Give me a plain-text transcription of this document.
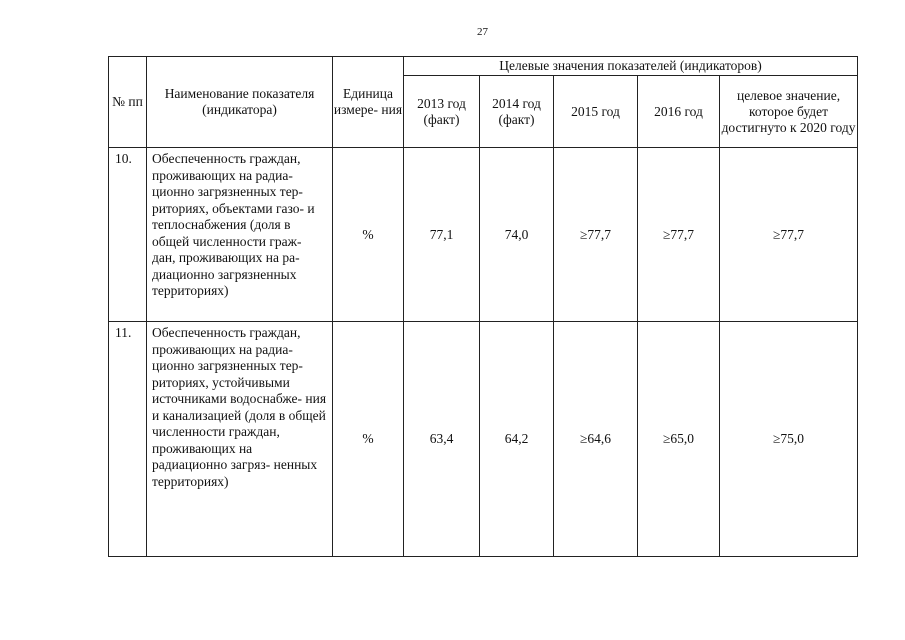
27
№ пп	Наименование показателя (индикатора)	Единица измере- ния	Целевые значения показателей (индикаторов)				
			2013 год (факт)	2014 год (факт)	2015 год	2016 год	целевое значение, которое будет достигнуто к 2020 году
10.	Обеспеченность граждан, проживающих на радиа- ционно загрязненных тер- риториях, объектами газо- и теплоснабжения (доля в общей численности граж- дан, проживающих на ра- диационно загрязненных территориях)	%	77,1	74,0	≥77,7	≥77,7	≥77,7
11.	Обеспеченность граждан, проживающих на радиа- ционно загрязненных тер- риториях, устойчивыми источниками водоснабже- ния и канализацией (доля в общей численности граждан, проживающих на радиационно загряз- ненных территориях)	%	63,4	64,2	≥64,6	≥65,0	≥75,0
